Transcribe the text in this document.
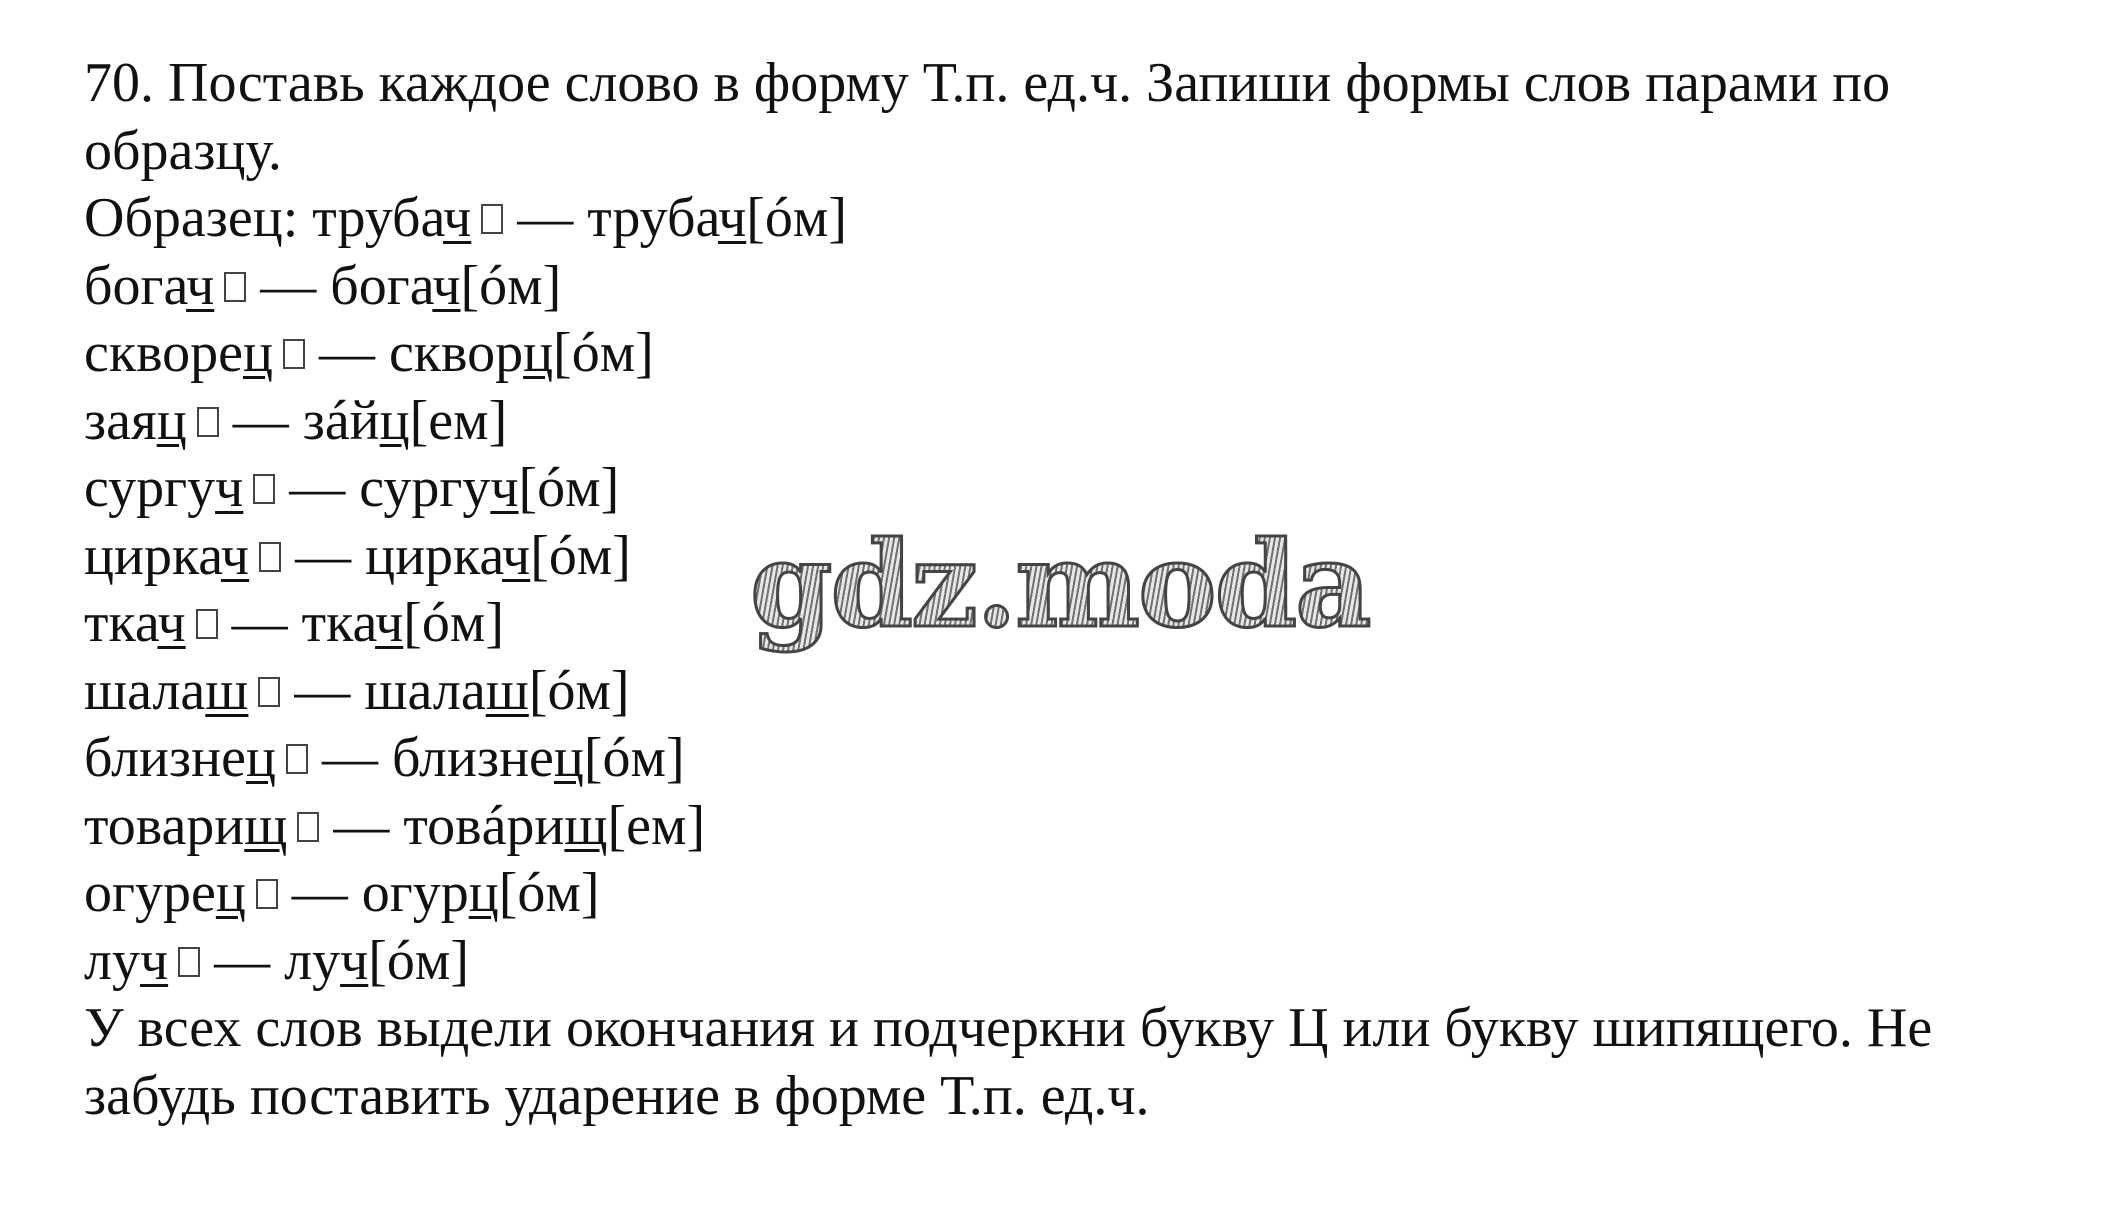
70. Поставь каждое слово в форму Т.п. ед.ч. Запиши формы слов парами по
образцу.
Образец: трубач — трубач[óм]
богач — богач[óм]
скворец — скворц[óм]
заяц — зáйц[ем]
сургуч — сургуч[óм]
циркач — циркач[óм]
ткач — ткач[óм]
шалаш — шалаш[óм]
близнец — близнец[óм]
товарищ — товáрищ[ем]
огурец — огурц[óм]
луч — луч[óм]
У всех слов выдели окончания и подчеркни букву Ц или букву шипящего. Не
забудь поставить ударение в форме Т.п. ед.ч.
gdz.moda
